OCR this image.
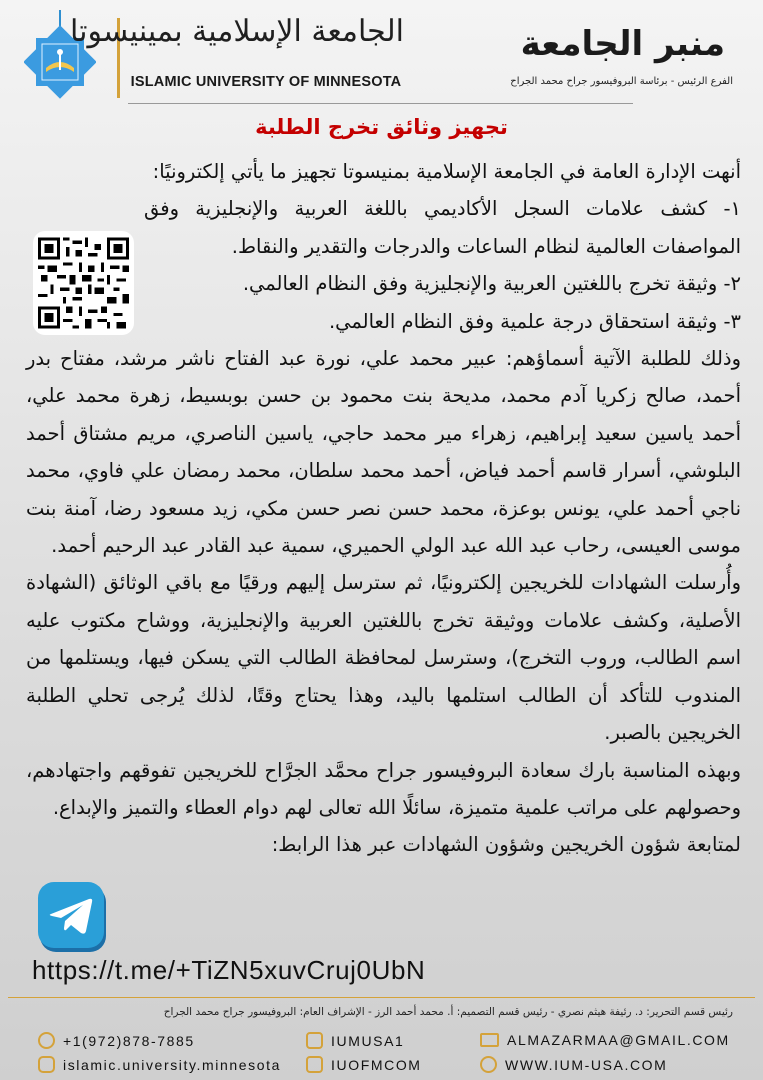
الجامعة الإسلامية بمينيسوتا
ISLAMIC UNIVERSITY OF MINNESOTA
منبر الجامعة
الفرع الرئيس - برئاسة البروفيسور جراح محمد الجراح
تجهيز وثائق تخرج الطلبة

أنهت الإدارة العامة في الجامعة الإسلامية بمنيسوتا تجهيز ما يأتي إلكترونيًا:

١- كشف علامات السجل الأكاديمي باللغة العربية والإنجليزية وفق المواصفات العالمية لنظام الساعات والدرجات والتقدير والنقاط.

٢- وثيقة تخرج باللغتين العربية والإنجليزية وفق النظام العالمي.

٣- وثيقة استحقاق درجة علمية وفق النظام العالمي.

وذلك للطلبة الآتية أسماؤهم: عبير محمد علي، نورة عبد الفتاح ناشر مرشد، مفتاح بدر أحمد، صالح زكريا آدم محمد، مديحة بنت محمود بن حسن بوبسيط، زهرة محمد علي، أحمد ياسين سعيد إبراهيم، زهراء مير محمد حاجي، ياسين الناصري، مريم مشتاق أحمد البلوشي، أسرار قاسم أحمد فياض، أحمد محمد سلطان، محمد رمضان علي فاوي، محمد ناجي أحمد علي، يونس بوعزة، محمد حسن نصر حسن مكي، زيد مسعود رضا، آمنة بنت موسى العيسى، رحاب عبد الله عبد الولي الحميري، سمية عبد القادر عبد الرحيم أحمد.

وأُرسلت الشهادات للخريجين إلكترونيًا، ثم سترسل إليهم ورقيًا مع باقي الوثائق (الشهادة الأصلية، وكشف علامات ووثيقة تخرج باللغتين العربية والإنجليزية، ووشاح مكتوب عليه اسم الطالب، وروب التخرج)، وسترسل لمحافظة الطالب التي يسكن فيها، ويستلمها من المندوب للتأكد أن الطالب استلمها باليد، وهذا يحتاج وقتًا، لذلك يُرجى تحلي الطلبة الخريجين بالصبر.

وبهذه المناسبة بارك سعادة البروفيسور جراح محمَّد الجرَّاح للخريجين تفوقهم واجتهادهم، وحصولهم على مراتب علمية متميزة، سائلًا الله تعالى لهم دوام العطاء والتميز والإبداع.

لمتابعة شؤون الخريجين وشؤون الشهادات عبر هذا الرابط:

https://t.me/+TiZN5xuvCruj0UbN
رئيس قسم التحرير: د. رئيفة هيثم نصري - رئيس قسم التصميم: أ. محمد أحمد الرز - الإشراف العام: البروفيسور جراح محمد الجراح
+1(972)878-7885
islamic.university.minnesota
IUMUSA1
IUOFMCOM
ALMAZARMAA@GMAIL.COM
WWW.IUM-USA.COM
